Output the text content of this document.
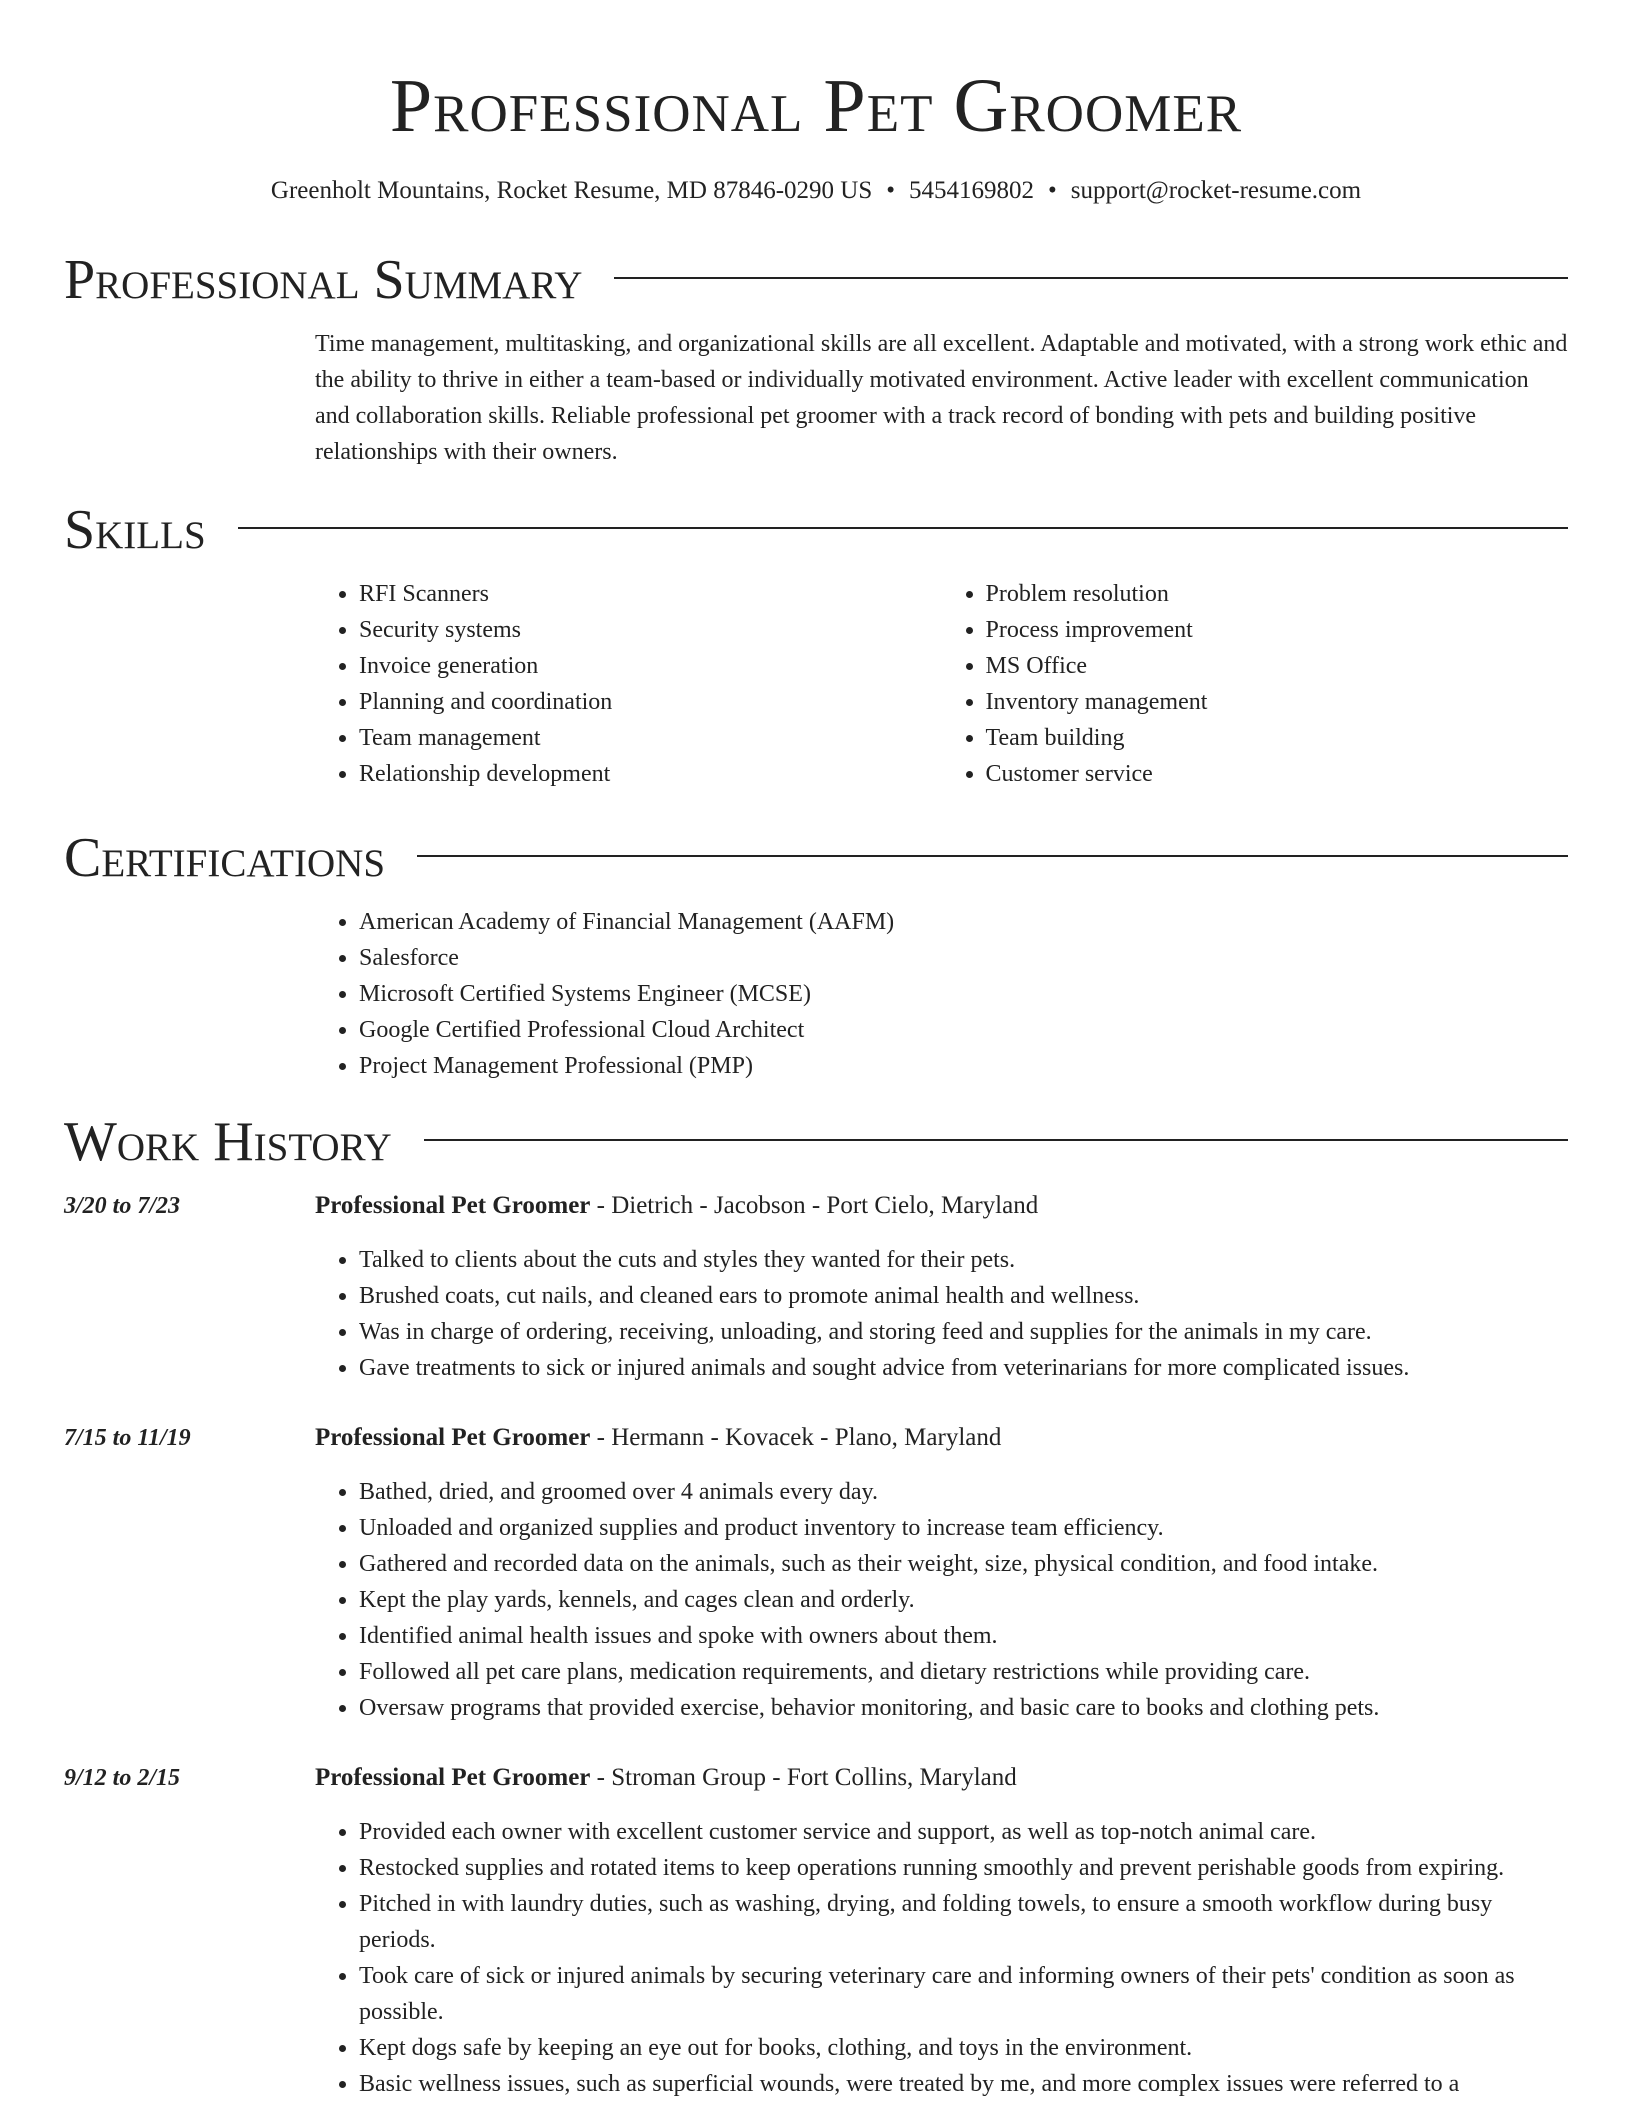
Professional Pet Groomer
Greenholt Mountains, Rocket Resume, MD 87846-0290 US • 5454169802 • support@rocket-resume.com
Professional Summary

Time management, multitasking, and organizational skills are all excellent. Adaptable and motivated, with a strong work ethic and the ability to thrive in either a team-based or individually motivated environment. Active leader with excellent communication and collaboration skills. Reliable professional pet groomer with a track record of bonding with pets and building positive relationships with their owners.

Skills
• RFI Scanners
• Security systems
• Invoice generation
• Planning and coordination
• Team management
• Relationship development
• Problem resolution
• Process improvement
• MS Office
• Inventory management
• Team building
• Customer service
Certifications
• American Academy of Financial Management (AAFM)
• Salesforce
• Microsoft Certified Systems Engineer (MCSE)
• Google Certified Professional Cloud Architect
• Project Management Professional (PMP)
Work History
3/20 to 7/23	Professional Pet Groomer - Dietrich - Jacobson - Port Cielo, Maryland
• Talked to clients about the cuts and styles they wanted for their pets.
• Brushed coats, cut nails, and cleaned ears to promote animal health and wellness.
• Was in charge of ordering, receiving, unloading, and storing feed and supplies for the animals in my care.
• Gave treatments to sick or injured animals and sought advice from veterinarians for more complicated issues.
7/15 to 11/19	Professional Pet Groomer - Hermann - Kovacek - Plano, Maryland
• Bathed, dried, and groomed over 4 animals every day.
• Unloaded and organized supplies and product inventory to increase team efficiency.
• Gathered and recorded data on the animals, such as their weight, size, physical condition, and food intake.
• Kept the play yards, kennels, and cages clean and orderly.
• Identified animal health issues and spoke with owners about them.
• Followed all pet care plans, medication requirements, and dietary restrictions while providing care.
• Oversaw programs that provided exercise, behavior monitoring, and basic care to books and clothing pets.
9/12 to 2/15	Professional Pet Groomer - Stroman Group - Fort Collins, Maryland
• Provided each owner with excellent customer service and support, as well as top-notch animal care.
• Restocked supplies and rotated items to keep operations running smoothly and prevent perishable goods from expiring.
• Pitched in with laundry duties, such as washing, drying, and folding towels, to ensure a smooth workflow during busy periods.
• Took care of sick or injured animals by securing veterinary care and informing owners of their pets' condition as soon as possible.
• Kept dogs safe by keeping an eye out for books, clothing, and toys in the environment.
• Basic wellness issues, such as superficial wounds, were treated by me, and more complex issues were referred to a
